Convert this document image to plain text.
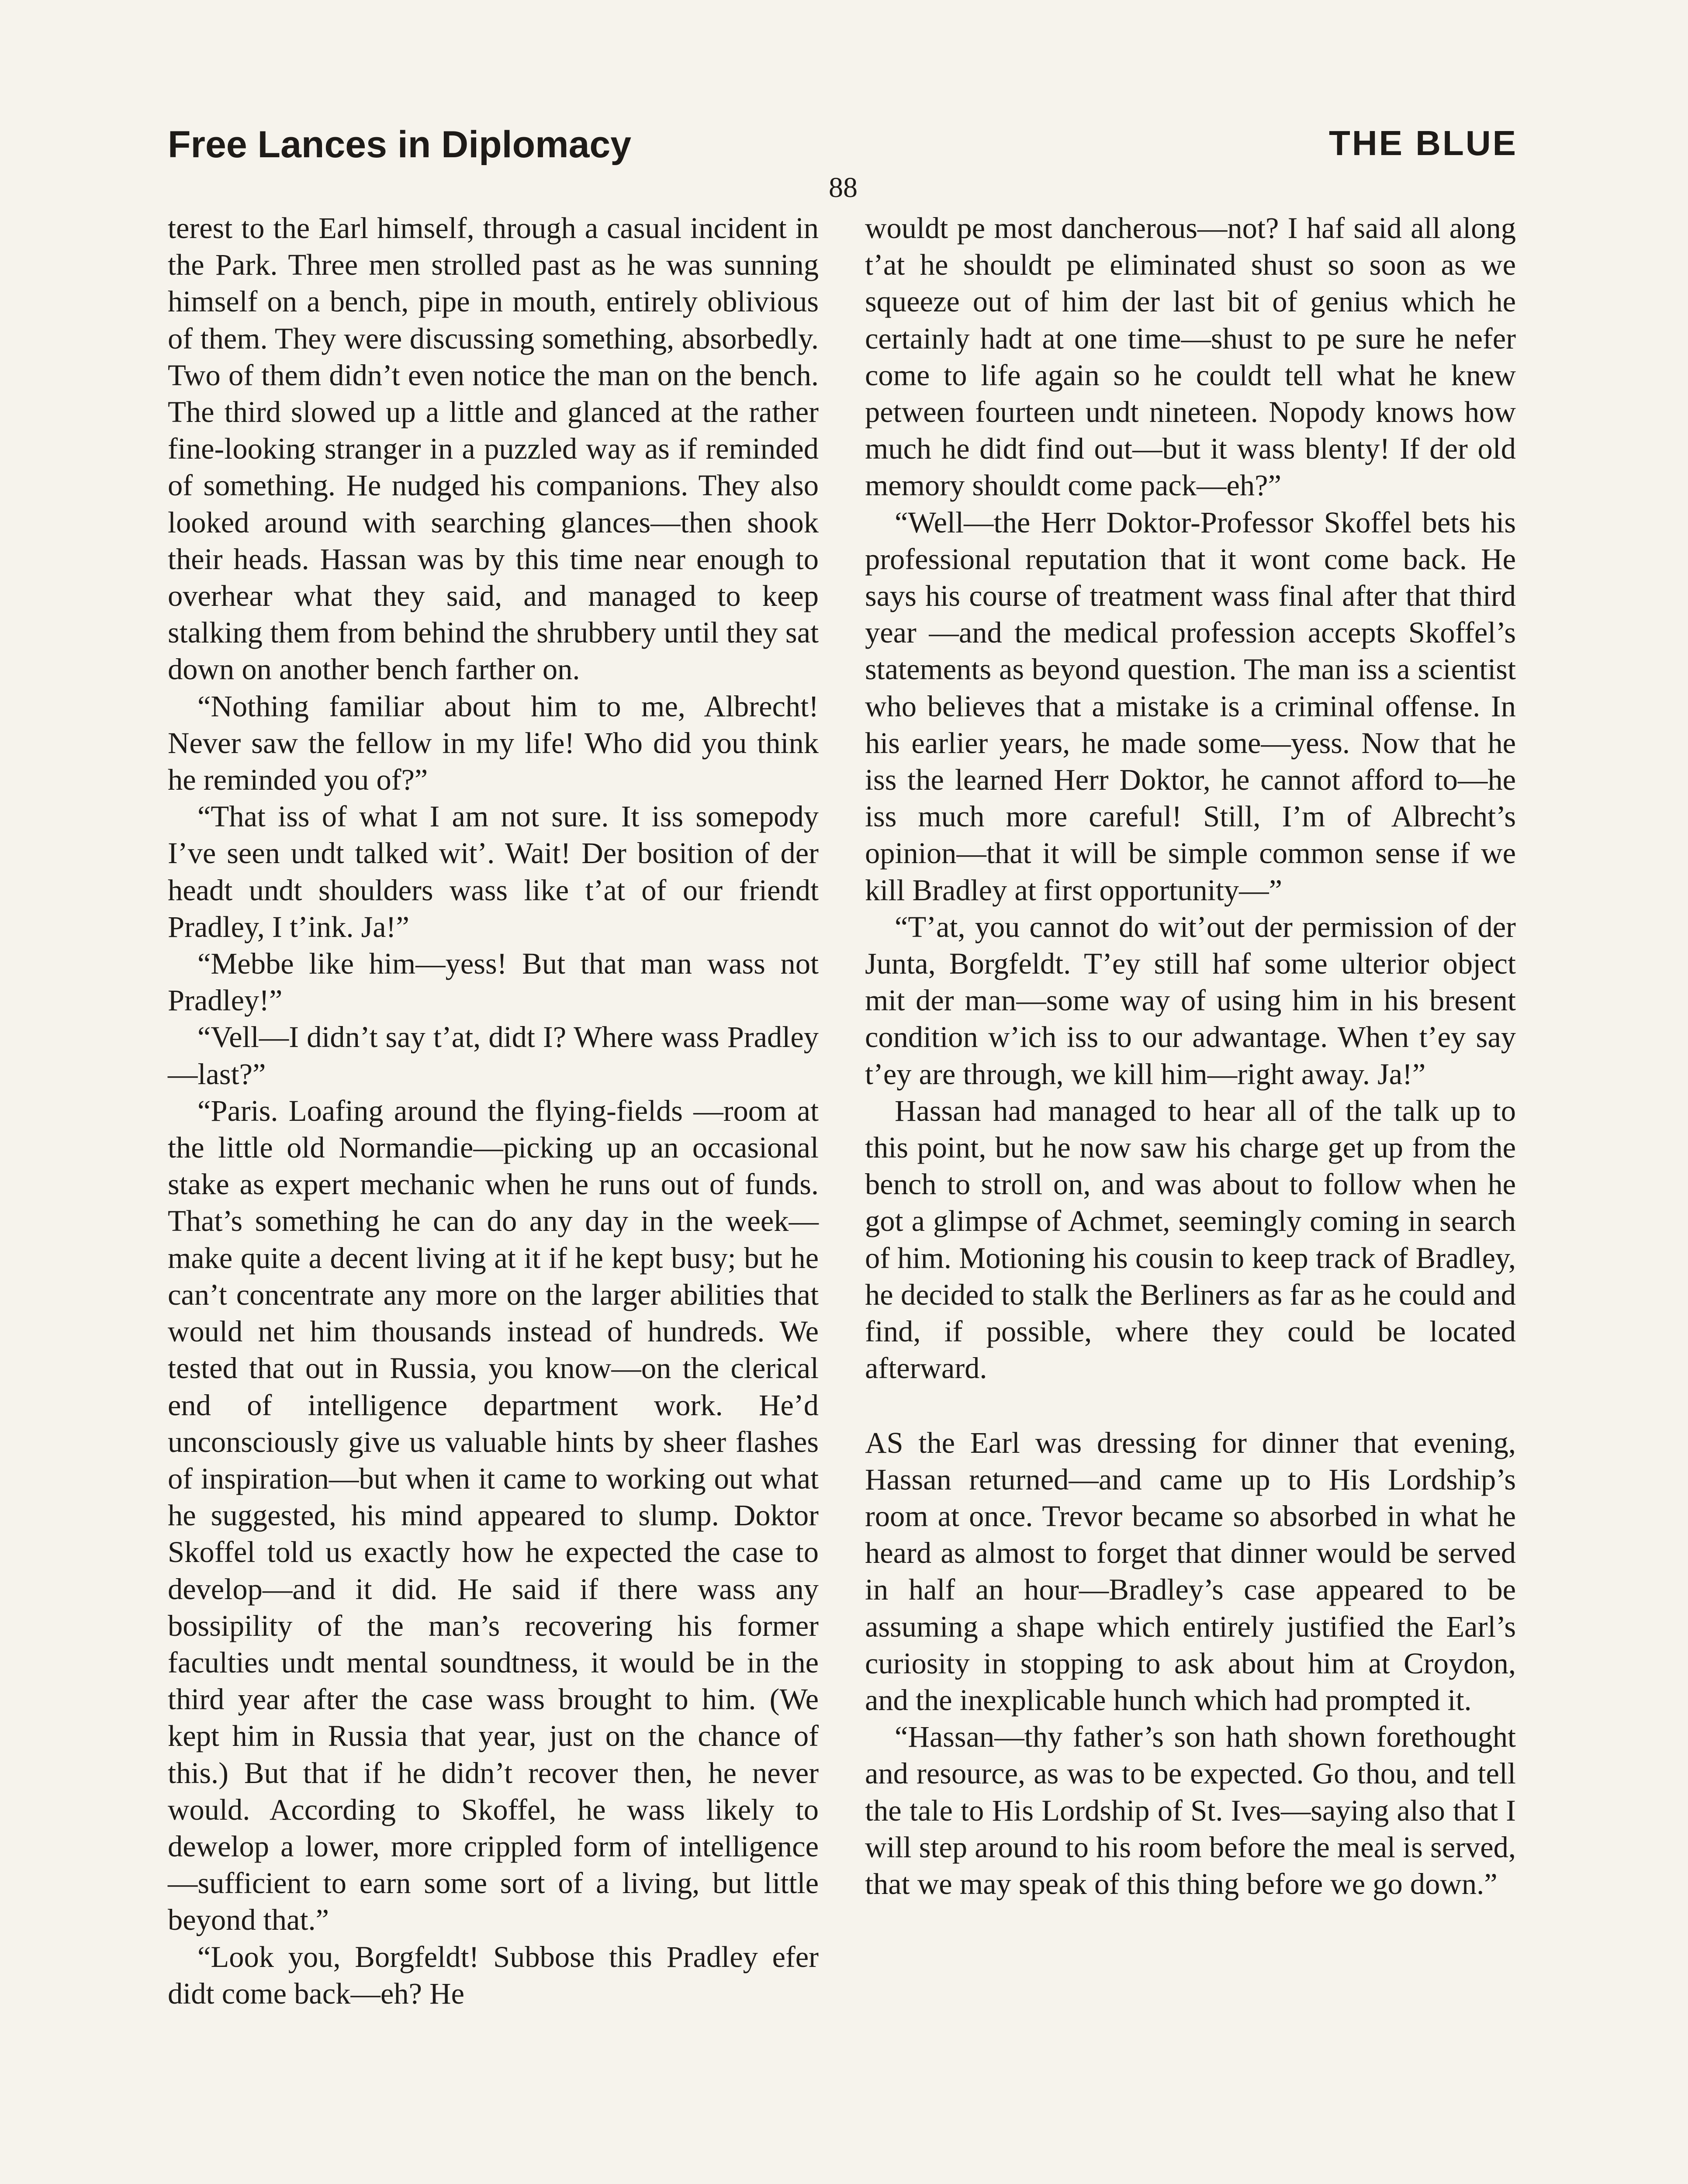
Free Lances in Diplomacy	THE BLUE
88

terest to the Earl himself, through a casual incident in the Park. Three men strolled past as he was sunning himself on a bench, pipe in mouth, entirely oblivious of them. They were discussing something, absorbedly. Two of them didn’t even notice the man on the bench. The third slowed up a little and glanced at the rather fine-looking stranger in a puzzled way as if reminded of something. He nudged his companions. They also looked around with searching glances—then shook their heads. Hassan was by this time near enough to overhear what they said, and managed to keep stalking them from behind the shrubbery until they sat down on another bench farther on.

“Nothing familiar about him to me, Albrecht! Never saw the fellow in my life! Who did you think he reminded you of?”

“That iss of what I am not sure. It iss somepody I’ve seen undt talked wit’. Wait! Der bosition of der headt undt shoulders wass like t’at of our friendt Pradley, I t’ink. Ja!”

“Mebbe like him—yess! But that man wass not Pradley!”

“Vell—I didn’t say t’at, didt I? Where wass Pradley—last?”

“Paris. Loafing around the flying-fields —room at the little old Normandie—picking up an occasional stake as expert mechanic when he runs out of funds. That’s something he can do any day in the week—make quite a decent living at it if he kept busy; but he can’t concentrate any more on the larger abilities that would net him thousands instead of hundreds. We tested that out in Russia, you know—on the clerical end of intelligence department work. He’d unconsciously give us valuable hints by sheer flashes of inspiration—but when it came to working out what he suggested, his mind appeared to slump. Doktor Skoffel told us exactly how he expected the case to develop—and it did. He said if there wass any bossipility of the man’s recovering his former faculties undt mental soundtness, it would be in the third year after the case wass brought to him. (We kept him in Russia that year, just on the chance of this.) But that if he didn’t recover then, he never would. According to Skoffel, he wass likely to dewelop a lower, more crippled form of intelligence—sufficient to earn some sort of a living, but little beyond that.”

“Look you, Borgfeldt! Subbose this Pradley efer didt come back—eh? He

wouldt pe most dancherous—not? I haf said all along t’at he shouldt pe eliminated shust so soon as we squeeze out of him der last bit of genius which he certainly hadt at one time—shust to pe sure he nefer come to life again so he couldt tell what he knew petween fourteen undt nineteen. Nopody knows how much he didt find out—but it wass blenty! If der old memory shouldt come pack—eh?”

“Well—the Herr Doktor-Professor Skoffel bets his professional reputation that it wont come back. He says his course of treatment wass final after that third year —and the medical profession accepts Skoffel’s statements as beyond question. The man iss a scientist who believes that a mistake is a criminal offense. In his earlier years, he made some—yess. Now that he iss the learned Herr Doktor, he cannot afford to—he iss much more careful! Still, I’m of Albrecht’s opinion—that it will be simple common sense if we kill Bradley at first opportunity—”

“T’at, you cannot do wit’out der permission of der Junta, Borgfeldt. T’ey still haf some ulterior object mit der man—some way of using him in his bresent condition w’ich iss to our adwantage. When t’ey say t’ey are through, we kill him—right away. Ja!”

Hassan had managed to hear all of the talk up to this point, but he now saw his charge get up from the bench to stroll on, and was about to follow when he got a glimpse of Achmet, seemingly coming in search of him. Motioning his cousin to keep track of Bradley, he decided to stalk the Berliners as far as he could and find, if possible, where they could be located afterward.

AS the Earl was dressing for dinner that evening, Hassan returned—and came up to His Lordship’s room at once. Trevor became so absorbed in what he heard as almost to forget that dinner would be served in half an hour—Bradley’s case appeared to be assuming a shape which entirely justified the Earl’s curiosity in stopping to ask about him at Croydon, and the inexplicable hunch which had prompted it.

“Hassan—thy father’s son hath shown forethought and resource, as was to be expected. Go thou, and tell the tale to His Lordship of St. Ives—saying also that I will step around to his room before the meal is served, that we may speak of this thing before we go down.”
